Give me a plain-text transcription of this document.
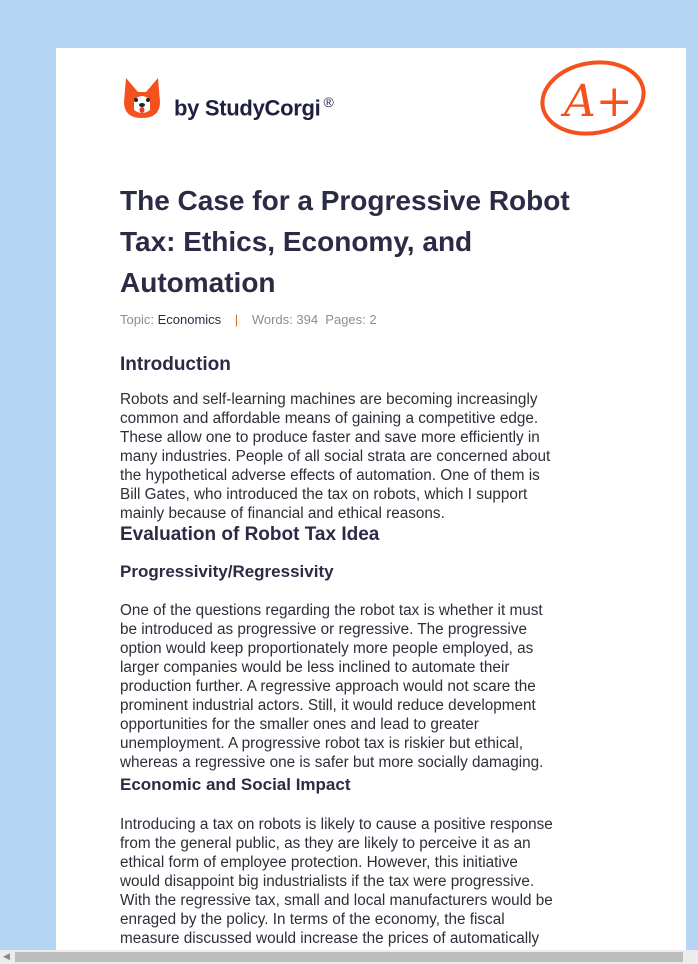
by StudyCorgi ®	A+
The Case for a Progressive Robot Tax: Ethics, Economy, and Automation
Topic: Economics | Words: 394 Pages: 2
Introduction
Robots and self-learning machines are becoming increasingly
common and affordable means of gaining a competitive edge.
These allow one to produce faster and save more efficiently in
many industries. People of all social strata are concerned about
the hypothetical adverse effects of automation. One of them is
Bill Gates, who introduced the tax on robots, which I support
mainly because of financial and ethical reasons.
Evaluation of Robot Tax Idea
Progressivity/Regressivity
One of the questions regarding the robot tax is whether it must
be introduced as progressive or regressive. The progressive
option would keep proportionately more people employed, as
larger companies would be less inclined to automate their
production further. A regressive approach would not scare the
prominent industrial actors. Still, it would reduce development
opportunities for the smaller ones and lead to greater
unemployment. A progressive robot tax is riskier but ethical,
whereas a regressive one is safer but more socially damaging.
Economic and Social Impact
Introducing a tax on robots is likely to cause a positive response
from the general public, as they are likely to perceive it as an
ethical form of employee protection. However, this initiative
would disappoint big industrialists if the tax were progressive.
With the regressive tax, small and local manufacturers would be
enraged by the policy. In terms of the economy, the fiscal
measure discussed would increase the prices of automatically
◀
